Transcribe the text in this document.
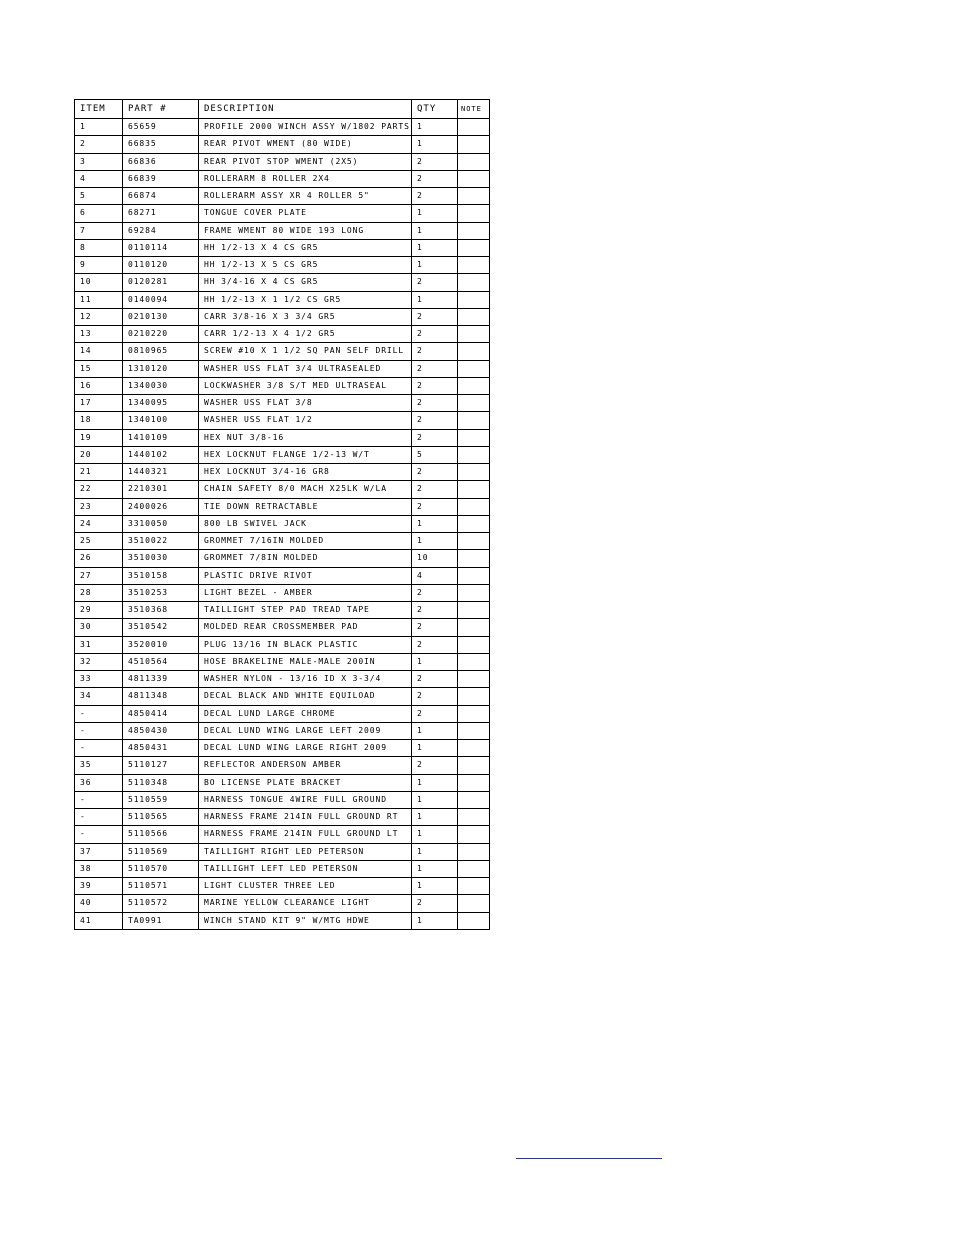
ITEM	PART #	DESCRIPTION	QTY	NOTE
1	65659	PROFILE 2000 WINCH ASSY W/1802 PARTS	1	
2	66835	REAR PIVOT WMENT (80 WIDE)	1	
3	66836	REAR PIVOT STOP WMENT (2X5)	2	
4	66839	ROLLERARM 8 ROLLER 2X4	2	
5	66874	ROLLERARM ASSY XR 4 ROLLER 5"	2	
6	68271	TONGUE COVER PLATE	1	
7	69284	FRAME WMENT 80 WIDE 193 LONG	1	
8	0110114	HH 1/2-13 X 4 CS GR5	1	
9	0110120	HH 1/2-13 X 5 CS GR5	1	
10	0120281	HH 3/4-16 X 4 CS GR5	2	
11	0140094	HH 1/2-13 X 1 1/2 CS GR5	1	
12	0210130	CARR 3/8-16 X 3 3/4 GR5	2	
13	0210220	CARR 1/2-13 X 4 1/2 GR5	2	
14	0810965	SCREW #10 X 1 1/2 SQ PAN SELF DRILL	2	
15	1310120	WASHER USS FLAT 3/4 ULTRASEALED	2	
16	1340030	LOCKWASHER 3/8 S/T MED ULTRASEAL	2	
17	1340095	WASHER USS FLAT 3/8	2	
18	1340100	WASHER USS FLAT 1/2	2	
19	1410109	HEX NUT 3/8-16	2	
20	1440102	HEX LOCKNUT FLANGE 1/2-13 W/T	5	
21	1440321	HEX LOCKNUT 3/4-16 GR8	2	
22	2210301	CHAIN SAFETY 8/0 MACH X25LK W/LA	2	
23	2400026	TIE DOWN RETRACTABLE	2	
24	3310050	800 LB SWIVEL JACK	1	
25	3510022	GROMMET 7/16IN MOLDED	1	
26	3510030	GROMMET 7/8IN MOLDED	10	
27	3510158	PLASTIC DRIVE RIVOT	4	
28	3510253	LIGHT BEZEL - AMBER	2	
29	3510368	TAILLIGHT STEP PAD TREAD TAPE	2	
30	3510542	MOLDED REAR CROSSMEMBER PAD	2	
31	3520010	PLUG 13/16 IN BLACK PLASTIC	2	
32	4510564	HOSE BRAKELINE MALE-MALE 200IN	1	
33	4811339	WASHER NYLON - 13/16 ID X 3-3/4	2	
34	4811348	DECAL BLACK AND WHITE EQUILOAD	2	
-	4850414	DECAL LUND LARGE CHROME	2	
-	4850430	DECAL LUND WING LARGE LEFT 2009	1	
-	4850431	DECAL LUND WING LARGE RIGHT 2009	1	
35	5110127	REFLECTOR ANDERSON AMBER	2	
36	5110348	BO LICENSE PLATE BRACKET	1	
-	5110559	HARNESS TONGUE 4WIRE FULL GROUND	1	
-	5110565	HARNESS FRAME 214IN FULL GROUND RT	1	
-	5110566	HARNESS FRAME 214IN FULL GROUND LT	1	
37	5110569	TAILLIGHT RIGHT LED PETERSON	1	
38	5110570	TAILLIGHT LEFT LED PETERSON	1	
39	5110571	LIGHT CLUSTER THREE LED	1	
40	5110572	MARINE YELLOW CLEARANCE LIGHT	2	
41	TA0991	WINCH STAND KIT 9" W/MTG HDWE	1	
